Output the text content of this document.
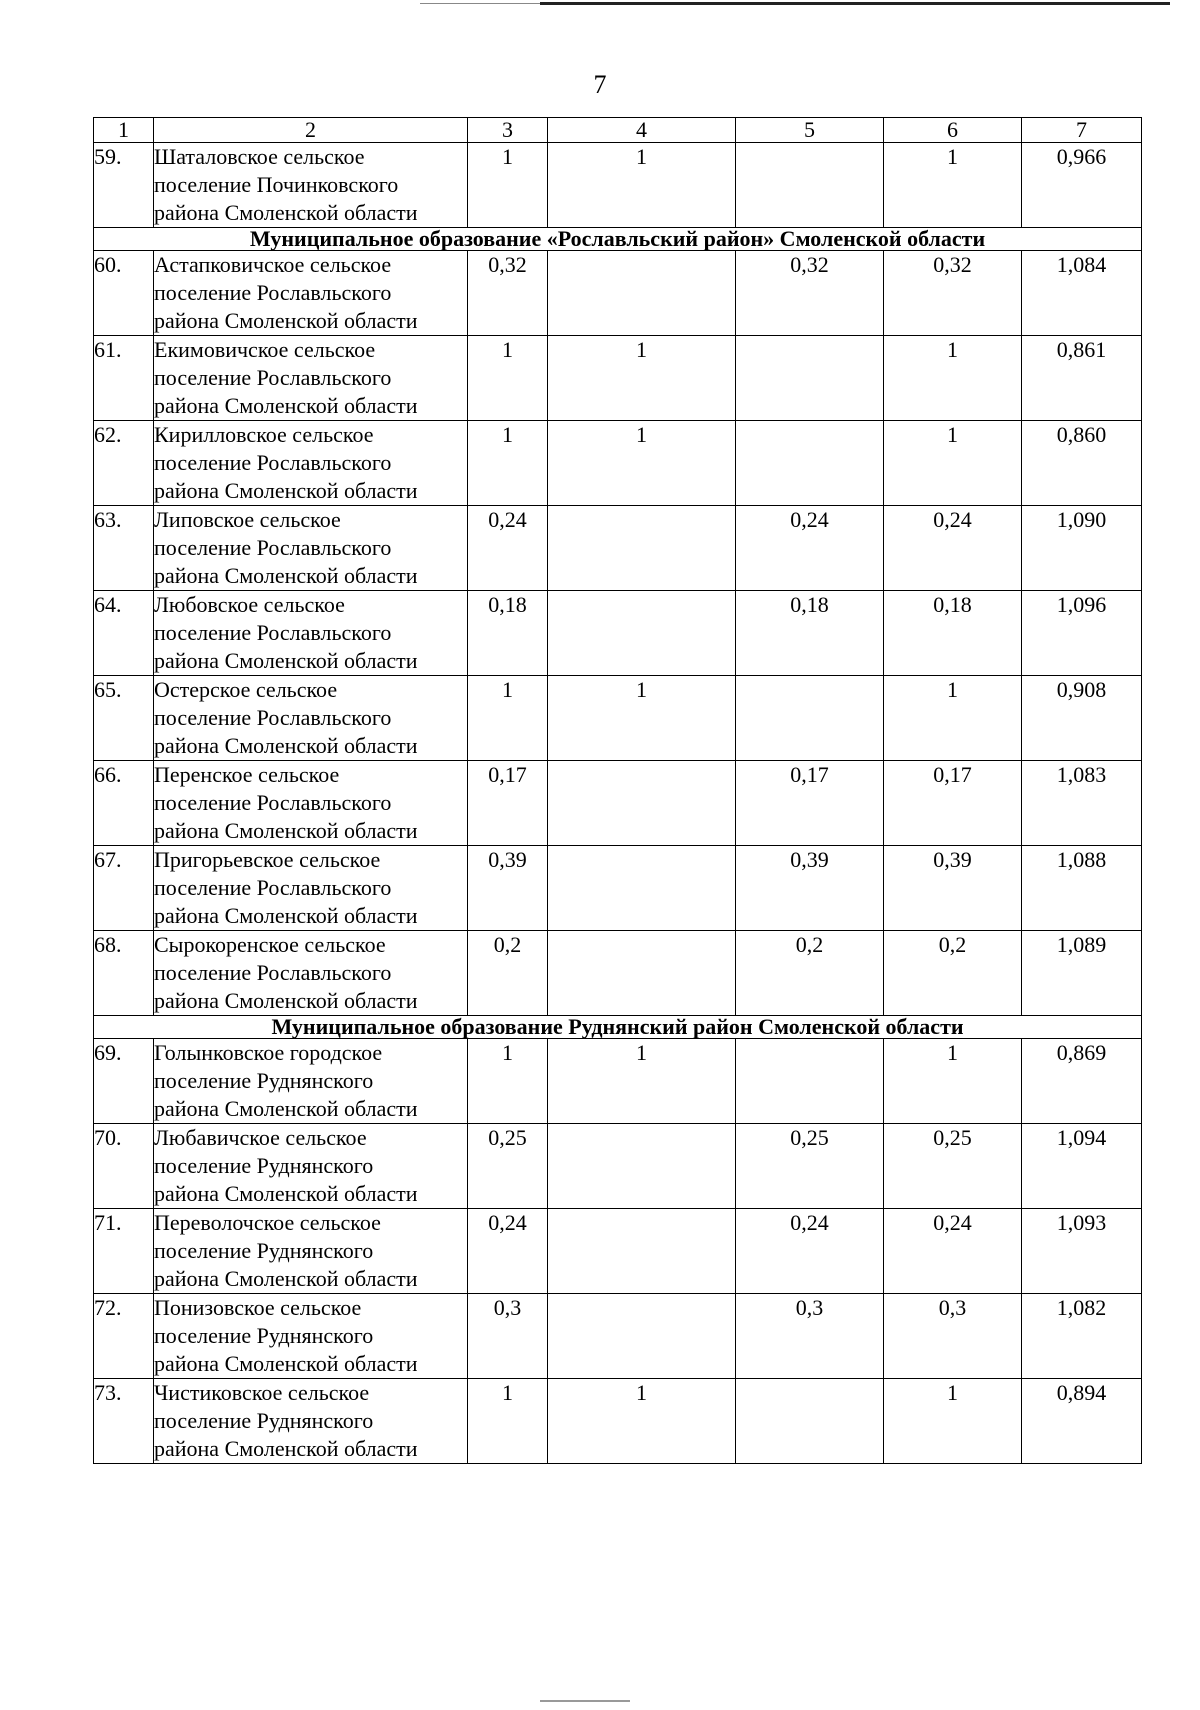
7
1	2	3	4	5	6	7
59.	Шаталовское сельское
поселение Починковского
района Смоленской области	1	1		1	0,966
Муниципальное образование «Рославльский район» Смоленской области						
60.	Астапковичское сельское
поселение Рославльского
района Смоленской области	0,32		0,32	0,32	1,084
61.	Екимовичское сельское
поселение Рославльского
района Смоленской области	1	1		1	0,861
62.	Кирилловское сельское
поселение Рославльского
района Смоленской области	1	1		1	0,860
63.	Липовское сельское
поселение Рославльского
района Смоленской области	0,24		0,24	0,24	1,090
64.	Любовское сельское
поселение Рославльского
района Смоленской области	0,18		0,18	0,18	1,096
65.	Остерское сельское
поселение Рославльского
района Смоленской области	1	1		1	0,908
66.	Перенское сельское
поселение Рославльского
района Смоленской области	0,17		0,17	0,17	1,083
67.	Пригорьевское сельское
поселение Рославльского
района Смоленской области	0,39		0,39	0,39	1,088
68.	Сырокоренское сельское
поселение Рославльского
района Смоленской области	0,2		0,2	0,2	1,089
Муниципальное образование Руднянский район Смоленской области						
69.	Голынковское городское
поселение Руднянского
района Смоленской области	1	1		1	0,869
70.	Любавичское сельское
поселение Руднянского
района Смоленской области	0,25		0,25	0,25	1,094
71.	Переволочское сельское
поселение Руднянского
района Смоленской области	0,24		0,24	0,24	1,093
72.	Понизовское сельское
поселение Руднянского
района Смоленской области	0,3		0,3	0,3	1,082
73.	Чистиковское сельское
поселение Руднянского
района Смоленской области	1	1		1	0,894
